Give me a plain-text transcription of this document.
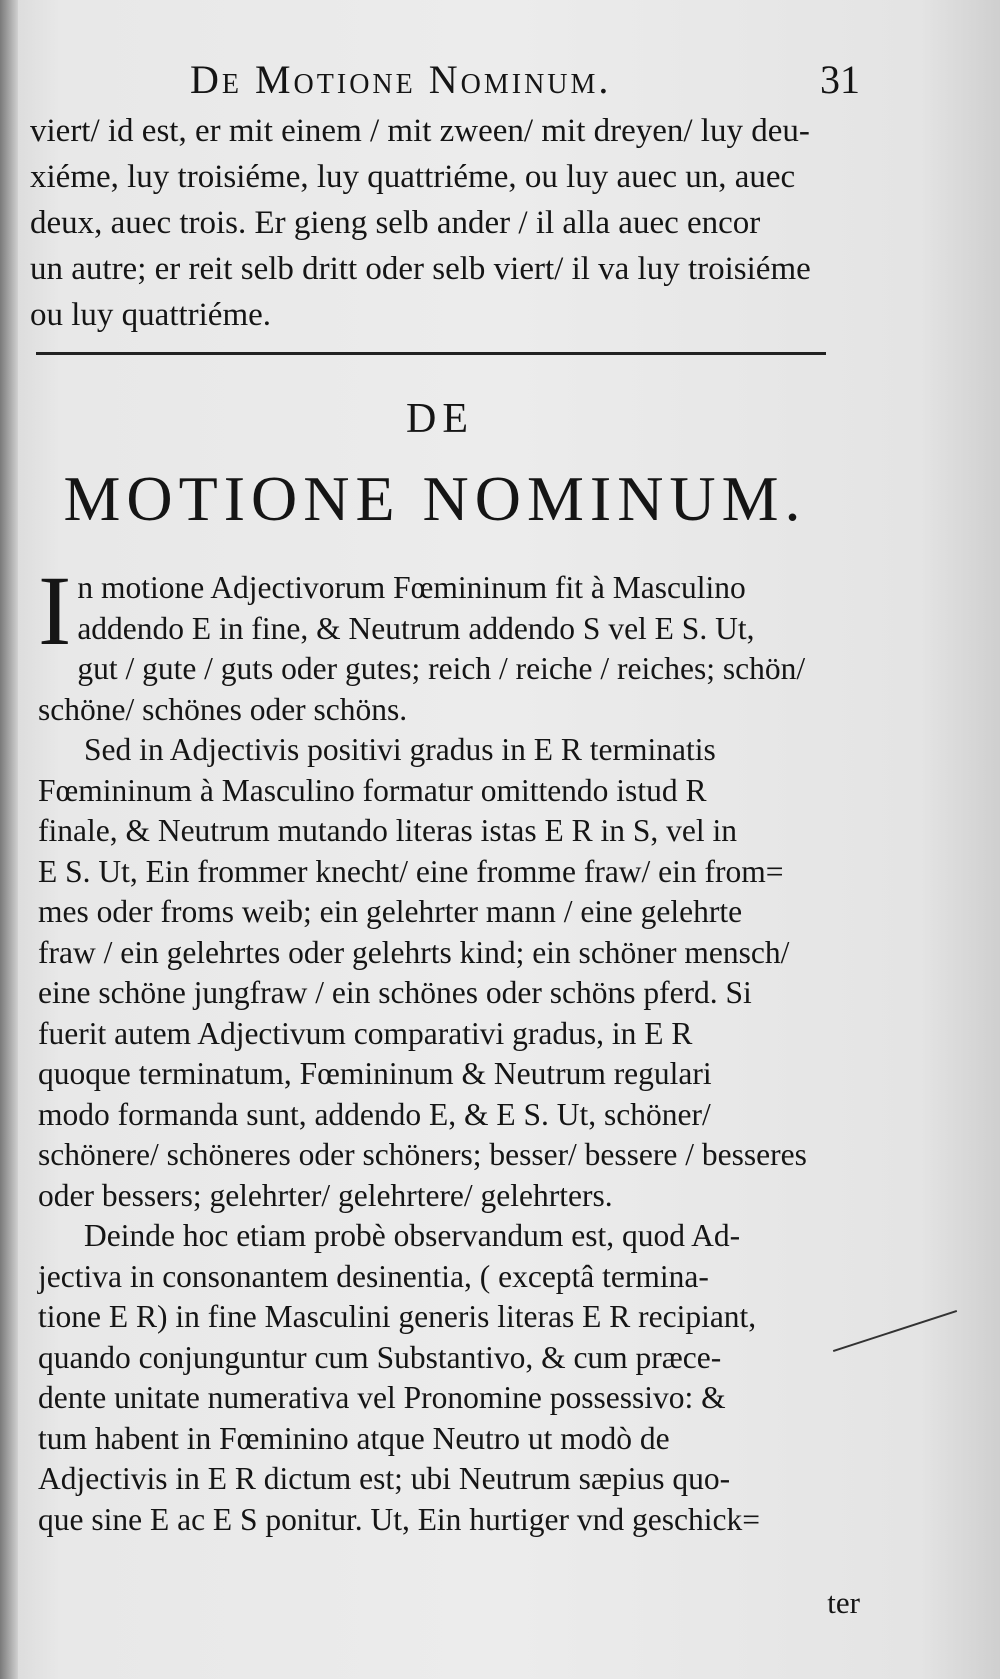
De Motione Nominum.	31

viert/ id est, er mit einem / mit zween/ mit dreyen/ luy deu-

xiéme, luy troisiéme, luy quattriéme, ou luy auec un, auec

deux, auec trois. Er gieng selb ander / il alla auec encor

un autre; er reit selb dritt oder selb viert/ il va luy troisiéme

ou luy quattriéme.

DE
MOTIONE NOMINUM.

I n motione Adjectivorum Fœmininum fit à Masculino
addendo E in fine, & Neutrum addendo S vel E S. Ut,
gut / gute / guts oder gutes; reich / reiche / reiches; schön/
schöne/ schönes oder schöns.

Sed in Adjectivis positivi gradus in E R terminatis
Fœmininum à Masculino formatur omittendo istud R
finale, & Neutrum mutando literas istas E R in S, vel in
E S. Ut, Ein frommer knecht/ eine fromme fraw/ ein from=
mes oder froms weib; ein gelehrter mann / eine gelehrte
fraw / ein gelehrtes oder gelehrts kind; ein schöner mensch/
eine schöne jungfraw / ein schönes oder schöns pferd. Si
fuerit autem Adjectivum comparativi gradus, in E R
quoque terminatum, Fœmininum & Neutrum regulari
modo formanda sunt, addendo E, & E S. Ut, schöner/
schönere/ schöneres oder schöners; besser/ bessere / besseres
oder bessers; gelehrter/ gelehrtere/ gelehrters.

Deinde hoc etiam probè observandum est, quod Ad-
jectiva in consonantem desinentia, ( exceptâ termina-
tione E R) in fine Masculini generis literas E R recipiant,
quando conjunguntur cum Substantivo, & cum præce-
dente unitate numerativa vel Pronomine possessivo: &
tum habent in Fœminino atque Neutro ut modò de
Adjectivis in E R dictum est; ubi Neutrum sæpius quo-
que sine E ac E S ponitur. Ut, Ein hurtiger vnd geschick=

ter
